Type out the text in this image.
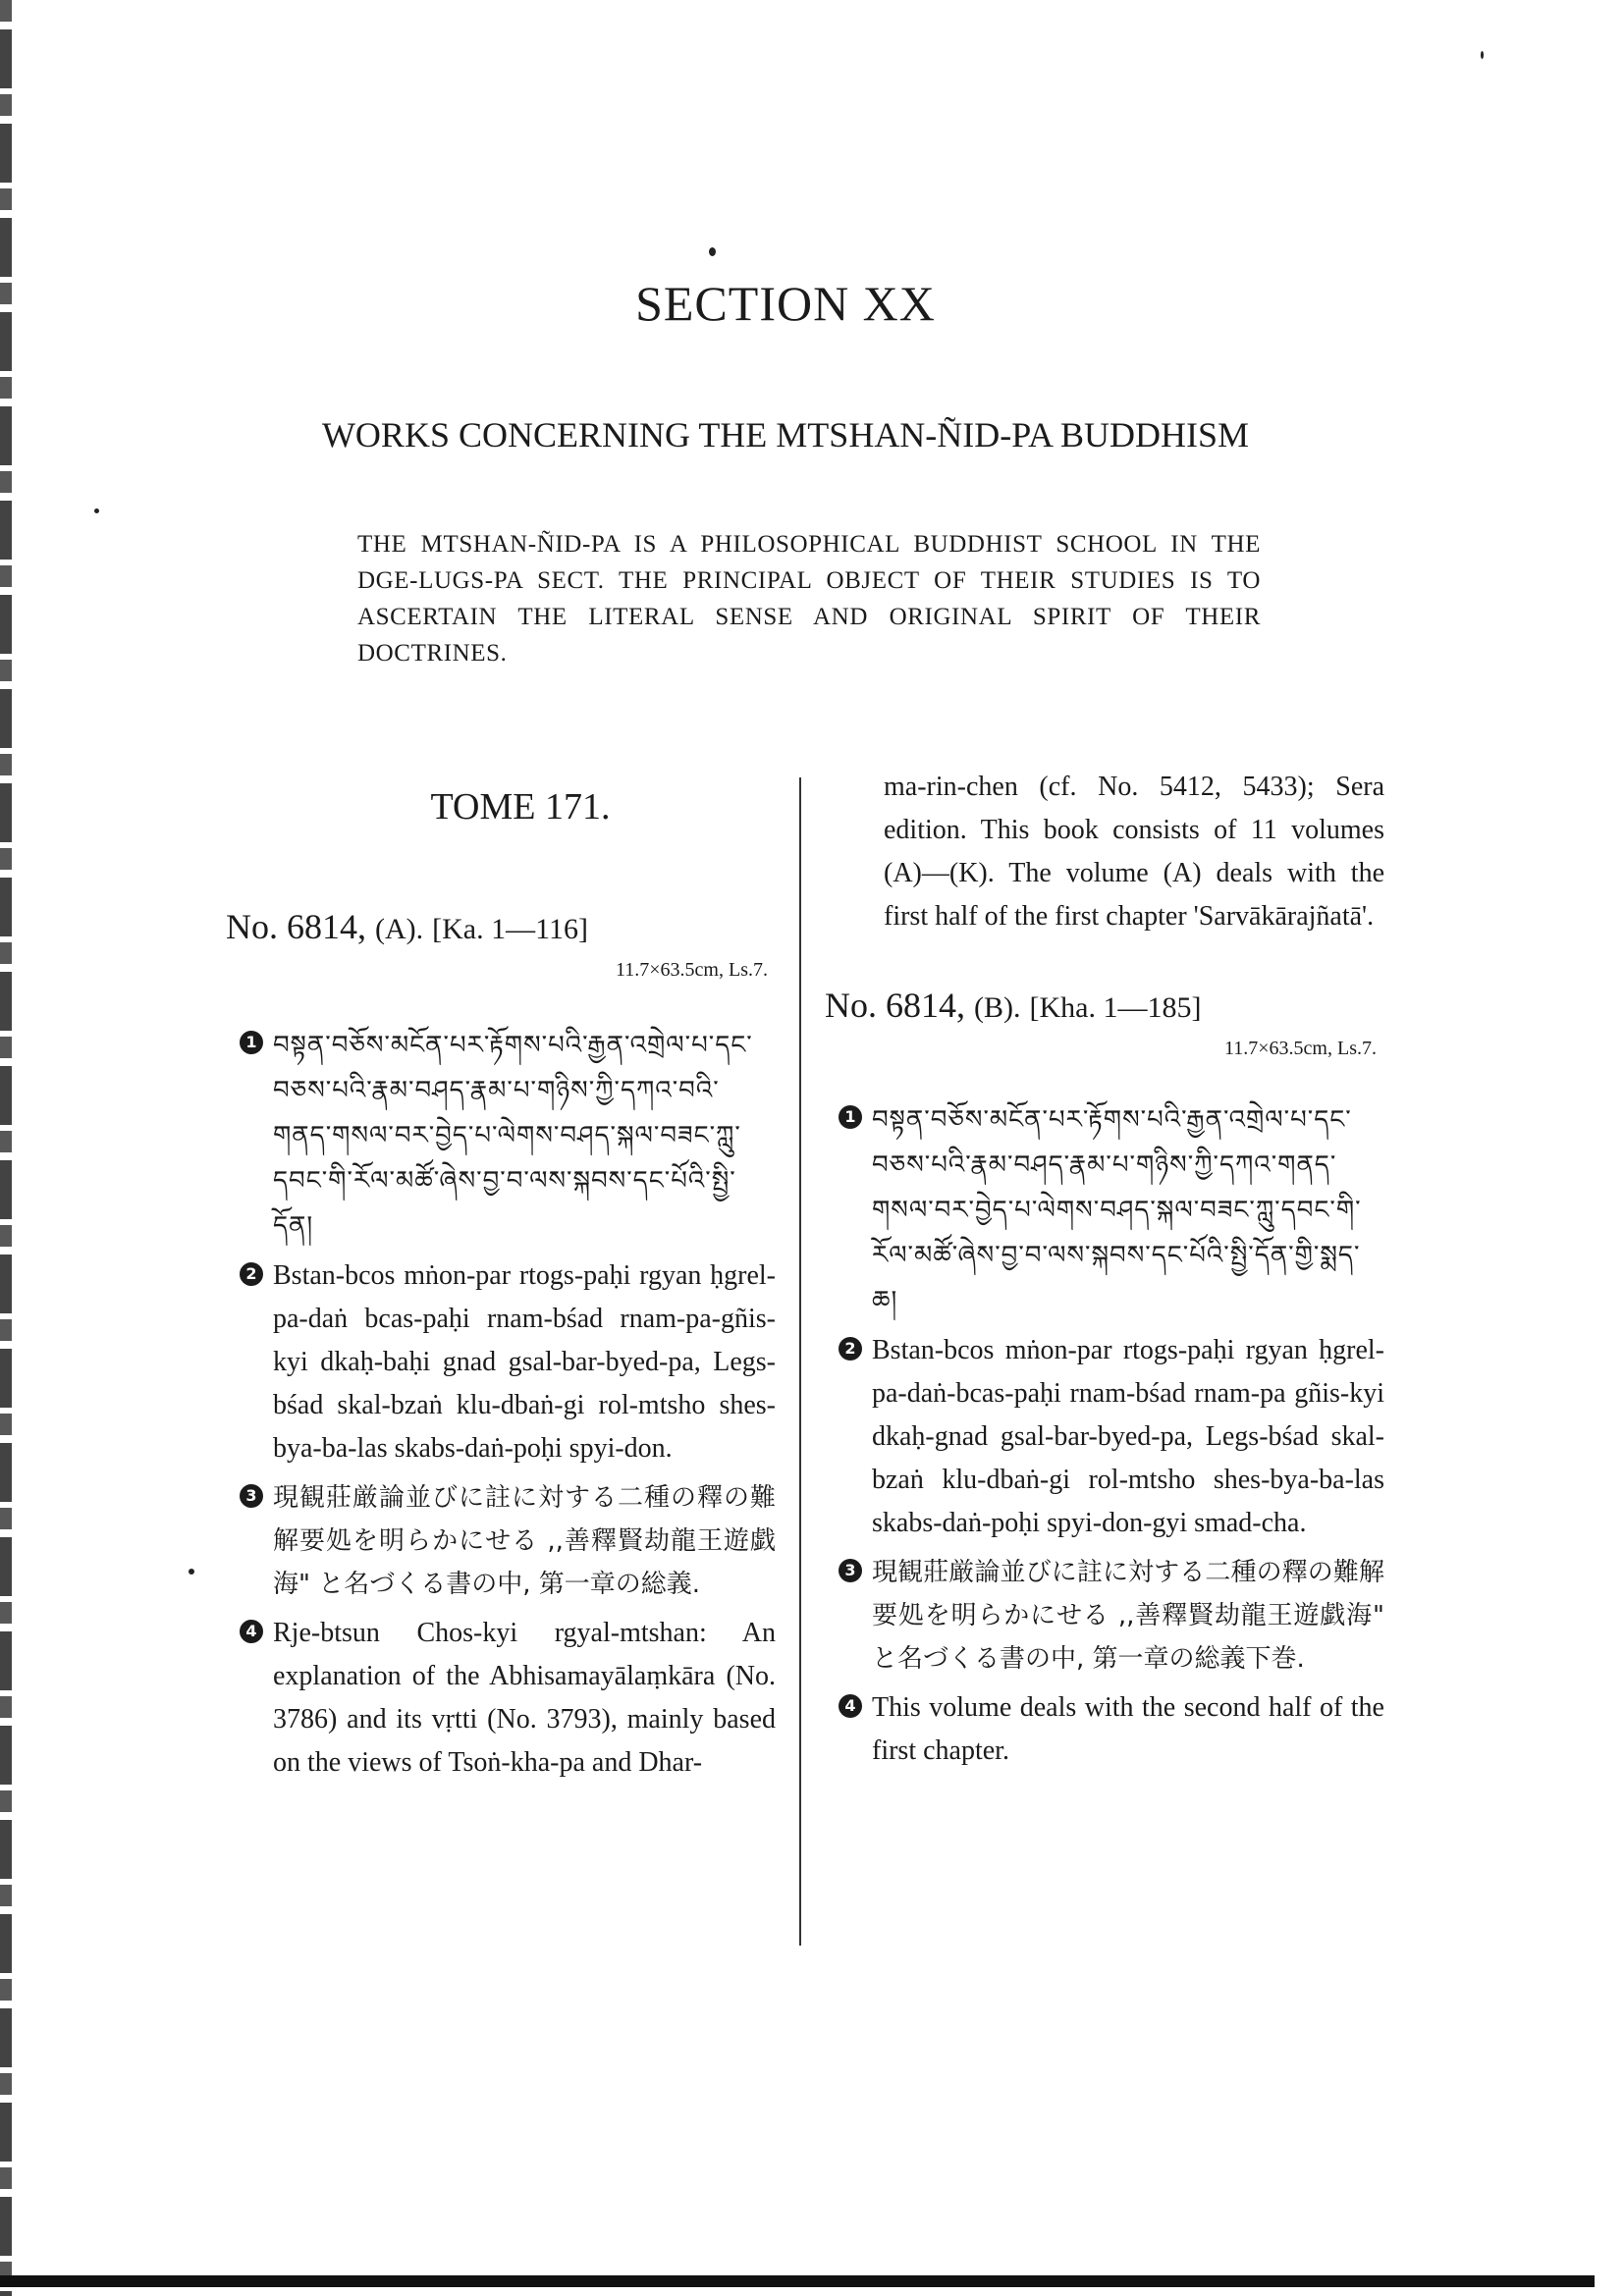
SECTION XX
WORKS CONCERNING THE MTSHAN-ÑID-PA BUDDHISM
THE MTSHAN-ÑID-PA IS A PHILOSOPHICAL BUDDHIST SCHOOL IN THE DGE-LUGS-PA SECT. THE PRINCIPAL OBJECT OF THEIR STUDIES IS TO ASCERTAIN THE LITERAL SENSE AND ORIGINAL SPIRIT OF THEIR DOCTRINES.
TOME 171.
No. 6814, (A). [Ka. 1—116]
11.7×63.5cm, Ls.7.
1 བསྟན་བཅོས་མངོན་པར་རྟོགས་པའི་རྒྱན་འགྲེལ་པ་དང་བཅས་པའི་རྣམ་བཤད་རྣམ་པ་གཉིས་ཀྱི་དཀའ་བའི་གནད་གསལ་བར་བྱེད་པ་ལེགས་བཤད་སྐལ་བཟང་ཀླུ་དབང་གི་རོལ་མཚོ་ཞེས་བྱ་བ་ལས་སྐབས་དང་པོའི་སྤྱི་དོན།
2 Bstan-bcos mṅon-par rtogs-paḥi rgyan ḥgrel-pa-daṅ bcas-paḥi rnam-bśad rnam-pa-gñis-kyi dkaḥ-baḥi gnad gsal-bar-byed-pa, Legs-bśad skal-bzaṅ klu-dbaṅ-gi rol-mtsho shes-bya-ba-las skabs-daṅ-poḥi spyi-don.
3 現観莊厳論並びに註に対する二種の釋の難解要処を明らかにせる ,,善釋賢劫龍王遊戯海" と名づくる書の中, 第一章の総義.
4 Rje-btsun Chos-kyi rgyal-mtshan: An explanation of the Abhisamayālaṃkāra (No. 3786) and its vṛtti (No. 3793), mainly based on the views of Tsoṅ-kha-pa and Dhar-
ma-rin-chen (cf. No. 5412, 5433); Sera edition. This book consists of 11 volumes (A)—(K). The volume (A) deals with the first half of the first chapter 'Sarvākārajñatā'.
No. 6814, (B). [Kha. 1—185]
11.7×63.5cm, Ls.7.
1 བསྟན་བཅོས་མངོན་པར་རྟོགས་པའི་རྒྱན་འགྲེལ་པ་དང་བཅས་པའི་རྣམ་བཤད་རྣམ་པ་གཉིས་ཀྱི་དཀའ་གནད་གསལ་བར་བྱེད་པ་ལེགས་བཤད་སྐལ་བཟང་ཀླུ་དབང་གི་རོལ་མཚོ་ཞེས་བྱ་བ་ལས་སྐབས་དང་པོའི་སྤྱི་དོན་གྱི་སྨད་ཆ།
2 Bstan-bcos mṅon-par rtogs-paḥi rgyan ḥgrel-pa-daṅ-bcas-paḥi rnam-bśad rnam-pa gñis-kyi dkaḥ-gnad gsal-bar-byed-pa, Legs-bśad skal-bzaṅ klu-dbaṅ-gi rol-mtsho shes-bya-ba-las skabs-daṅ-poḥi spyi-don-gyi smad-cha.
3 現観莊厳論並びに註に対する二種の釋の難解要処を明らかにせる ,,善釋賢劫龍王遊戯海" と名づくる書の中, 第一章の総義下巻.
4 This volume deals with the second half of the first chapter.
